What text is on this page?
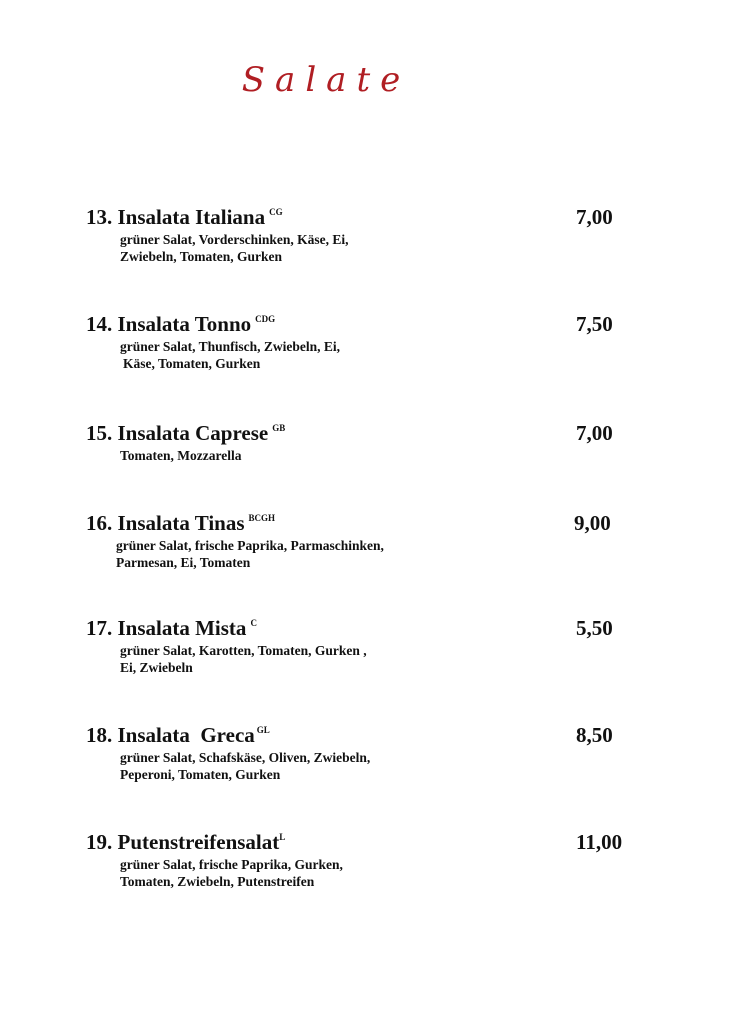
Salate
13. Insalata Italiana $^{CG}$	7,00
grüner Salat, Vorderschinken, Käse, Ei,
Zwiebeln, Tomaten, Gurken
14. Insalata Tonno $^{CDG}$	7,50
grüner Salat, Thunfisch, Zwiebeln, Ei,
Käse, Tomaten, Gurken
15. Insalata Caprese $^{GB}$	7,00
Tomaten, Mozzarella
16. Insalata Tinas $^{BCGH}$	9,00
grüner Salat, frische Paprika, Parmaschinken,
Parmesan, Ei, Tomaten
17. Insalata Mista $^C$	5,50
grüner Salat, Karotten, Tomaten, Gurken ,
Ei, Zwiebeln
18. Insalata  Greca $^{GL}$	8,50
grüner Salat, Schafskäse, Oliven, Zwiebeln,
Peperoni, Tomaten, Gurken
19. Putenstreifensalat$^L$	11,00
grüner Salat, frische Paprika, Gurken,
Tomaten, Zwiebeln, Putenstreifen
